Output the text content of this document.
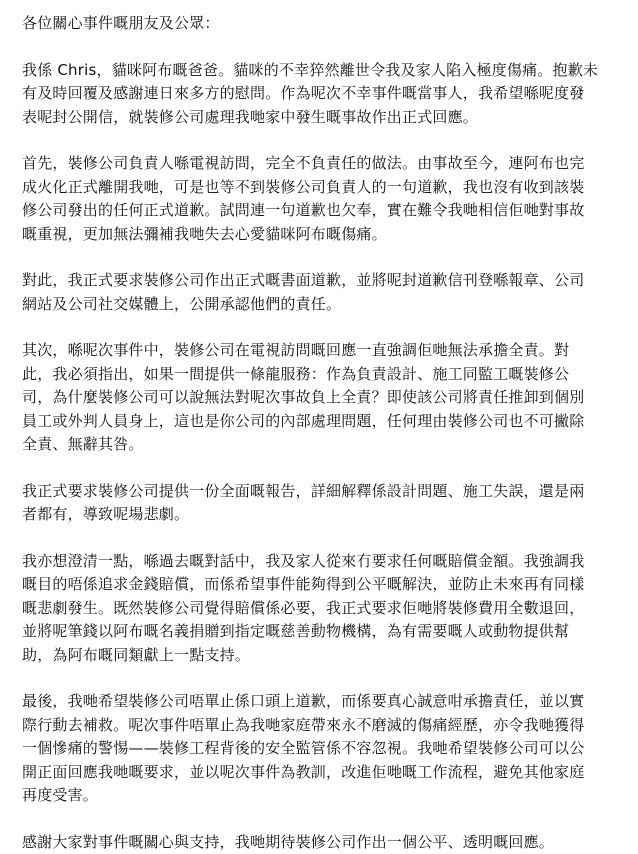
各位關心事件嘅朋友及公眾：

我係 Chris，貓咪阿布嘅爸爸。貓咪的不幸猝然離世令我及家人陷入極度傷痛。抱歉未
有及時回覆及感謝連日來多方的慰問。作為呢次不幸事件嘅當事人，我希望喺呢度發
表呢封公開信，就裝修公司處理我哋家中發生嘅事故作出正式回應。

首先，裝修公司負責人喺電視訪問，完全不負責任的做法。由事故至今，連阿布也完
成火化正式離開我哋，可是也等不到裝修公司負責人的一句道歉，我也沒有收到該裝
修公司發出的任何正式道歉。試問連一句道歉也欠奉，實在難令我哋相信佢哋對事故
嘅重視，更加無法彌補我哋失去心愛貓咪阿布嘅傷痛。

對此，我正式要求裝修公司作出正式嘅書面道歉，並將呢封道歉信刊登喺報章、公司
網站及公司社交媒體上，公開承認他們的責任。

其次，喺呢次事件中，裝修公司在電視訪問嘅回應一直強調佢哋無法承擔全責。對
此，我必須指出，如果一間提供一條龍服務：作為負責設計、施工同監工嘅裝修公
司，為什麼裝修公司可以說無法對呢次事故負上全責？即使該公司將責任推卸到個別
員工或外判人員身上，這也是你公司的內部處理問題，任何理由裝修公司也不可撇除
全責、無辭其咎。

我正式要求裝修公司提供一份全面嘅報告，詳細解釋係設計問題、施工失誤，還是兩
者都有，導致呢場悲劇。

我亦想澄清一點，喺過去嘅對話中，我及家人從來冇要求任何嘅賠償金額。我強調我
嘅目的唔係追求金錢賠償，而係希望事件能夠得到公平嘅解決，並防止未來再有同樣
嘅悲劇發生。既然裝修公司覺得賠償係必要，我正式要求佢哋將裝修費用全數退回，
並將呢筆錢以阿布嘅名義捐贈到指定嘅慈善動物機構，為有需要嘅人或動物提供幫
助，為阿布嘅同類獻上一點支持。

最後，我哋希望裝修公司唔單止係口頭上道歉，而係要真心誠意咁承擔責任，並以實
際行動去補救。呢次事件唔單止為我哋家庭帶來永不磨滅的傷痛經歷，亦令我哋獲得
一個慘痛的警惕——裝修工程背後的安全監管係不容忽視。我哋希望裝修公司可以公
開正面回應我哋嘅要求，並以呢次事件為教訓，改進佢哋嘅工作流程，避免其他家庭
再度受害。

感謝大家對事件嘅關心與支持，我哋期待裝修公司作出一個公平、透明嘅回應。
